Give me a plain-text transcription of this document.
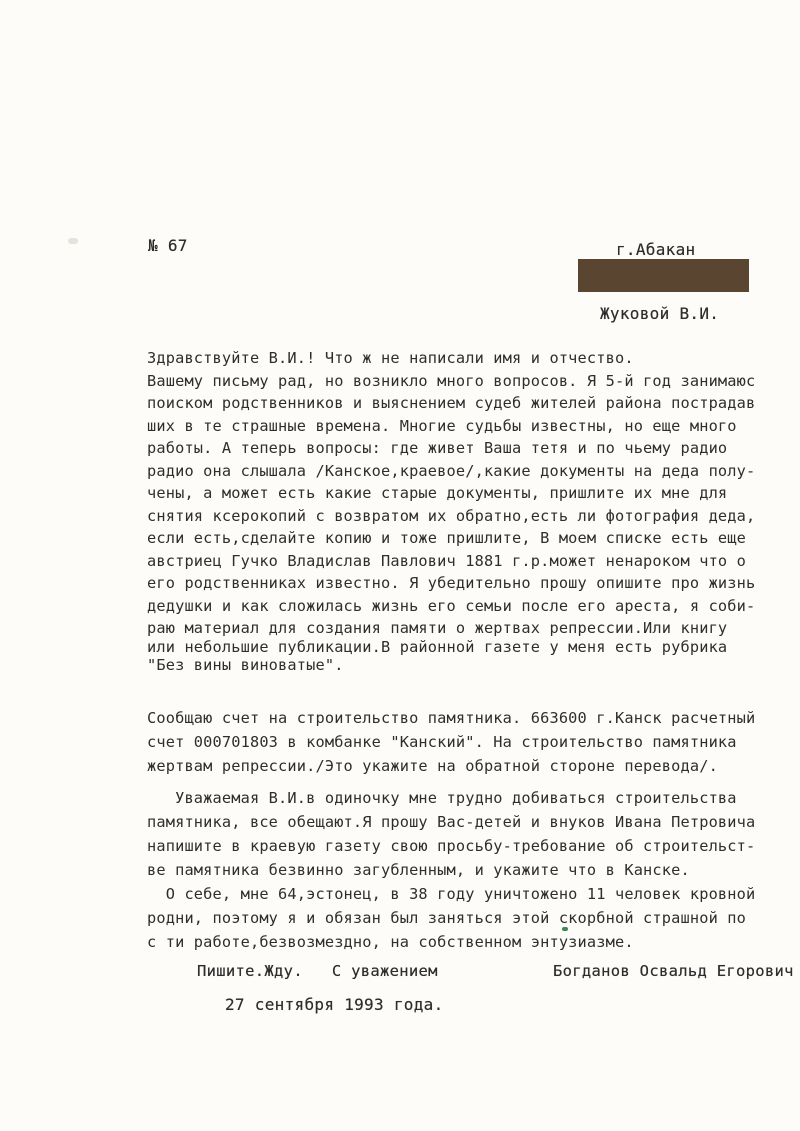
№ 67	г.Абакан
Жуковой В.И.
Здравствуйте В.И.! Что ж не написали имя и отчество.
Вашему письму рад, но возникло много вопросов. Я 5-й год занимаюс
поиском родственников и выяснением судеб жителей района пострадав
ших в те страшные времена. Многие судьбы известны, но еще много
работы. А теперь вопросы: где живет Ваша тетя и по чьему радио
радио она слышала /Канское,краевое/,какие документы на деда полу-
чены, а может есть какие старые документы, пришлите их мне для
снятия ксерокопий с возвратом их обратно,есть ли фотография деда,
если есть,сделайте копию и тоже пришлите, В моем списке есть еще
австриец Гучко Владислав Павлович 1881 г.р.может ненароком что о
его родственниках известно. Я убедительно прошу опишите про жизнь
дедушки и как сложилась жизнь его семьи после его ареста, я соби-
раю материал для создания памяти о жертвах репрессии.Или книгу
или небольшие публикации.В районной газете у меня есть рубрика
"Без вины виноватые".
Сообщаю счет на строительство памятника. 663600 г.Канск расчетный
счет 000701803 в комбанке "Канский". На строительство памятника
жертвам репрессии./Это укажите на обратной стороне перевода/.
Уважаемая В.И.в одиночку мне трудно добиваться строительства
памятника, все обещают.Я прошу Вас-детей и внуков Ивана Петровича
напишите в краевую газету свою просьбу-требование об строительст-
ве памятника безвинно загубленным, и укажите что в Канске.
О себе, мне 64,эстонец, в 38 году уничтожено 11 человек кровной
родни, поэтому я и обязан был заняться этой скорбной страшной по
с ти работе,безвозмездно, на собственном энтузиазме.
Пишите.Жду.   С уважением	Богданов Освальд Егорович
27 сентября 1993 года.
